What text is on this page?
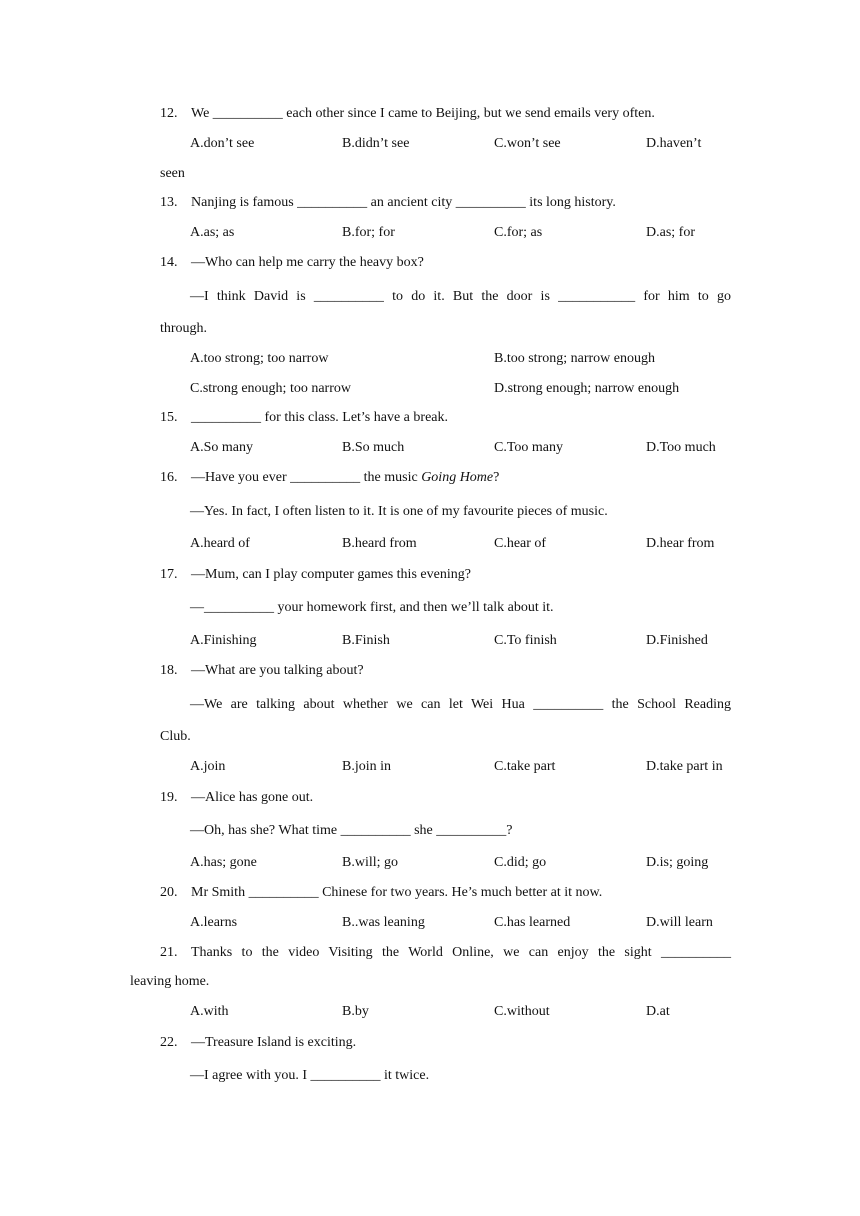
12. We __________ each other since I came to Beijing, but we send emails very often.
A.don’t see	B.didn’t see	C.won’t see	D.haven’t
seen
13. Nanjing is famous __________ an ancient city __________ its long history.
A.as; as	B.for; for	C.for; as	D.as; for
14. —Who can help me carry the heavy box?
—I think David is __________ to do it. But the door is ___________ for him to go
through.
A.too strong; too narrow	B.too strong; narrow enough
C.strong enough; too narrow	D.strong enough; narrow enough
15. __________ for this class. Let’s have a break.
A.So many	B.So much	C.Too many	D.Too much
16. —Have you ever __________ the music Going Home?
—Yes. In fact, I often listen to it. It is one of my favourite pieces of music.
A.heard of	B.heard from	C.hear of	D.hear from
17. —Mum, can I play computer games this evening?
—__________ your homework first, and then we’ll talk about it.
A.Finishing	B.Finish	C.To finish	D.Finished
18. —What are you talking about?
—We are talking about whether we can let Wei Hua __________ the School Reading
Club.
A.join	B.join in	C.take part	D.take part in
19. —Alice has gone out.
—Oh, has she? What time __________ she __________?
A.has; gone	B.will; go	C.did; go	D.is; going
20. Mr Smith __________ Chinese for two years. He’s much better at it now.
A.learns	B..was leaning	C.has learned	D.will learn
21. Thanks to the video Visiting the World Online, we can enjoy the sight __________
leaving home.
A.with	B.by	C.without	D.at
22. —Treasure Island is exciting.
—I agree with you. I __________ it twice.
